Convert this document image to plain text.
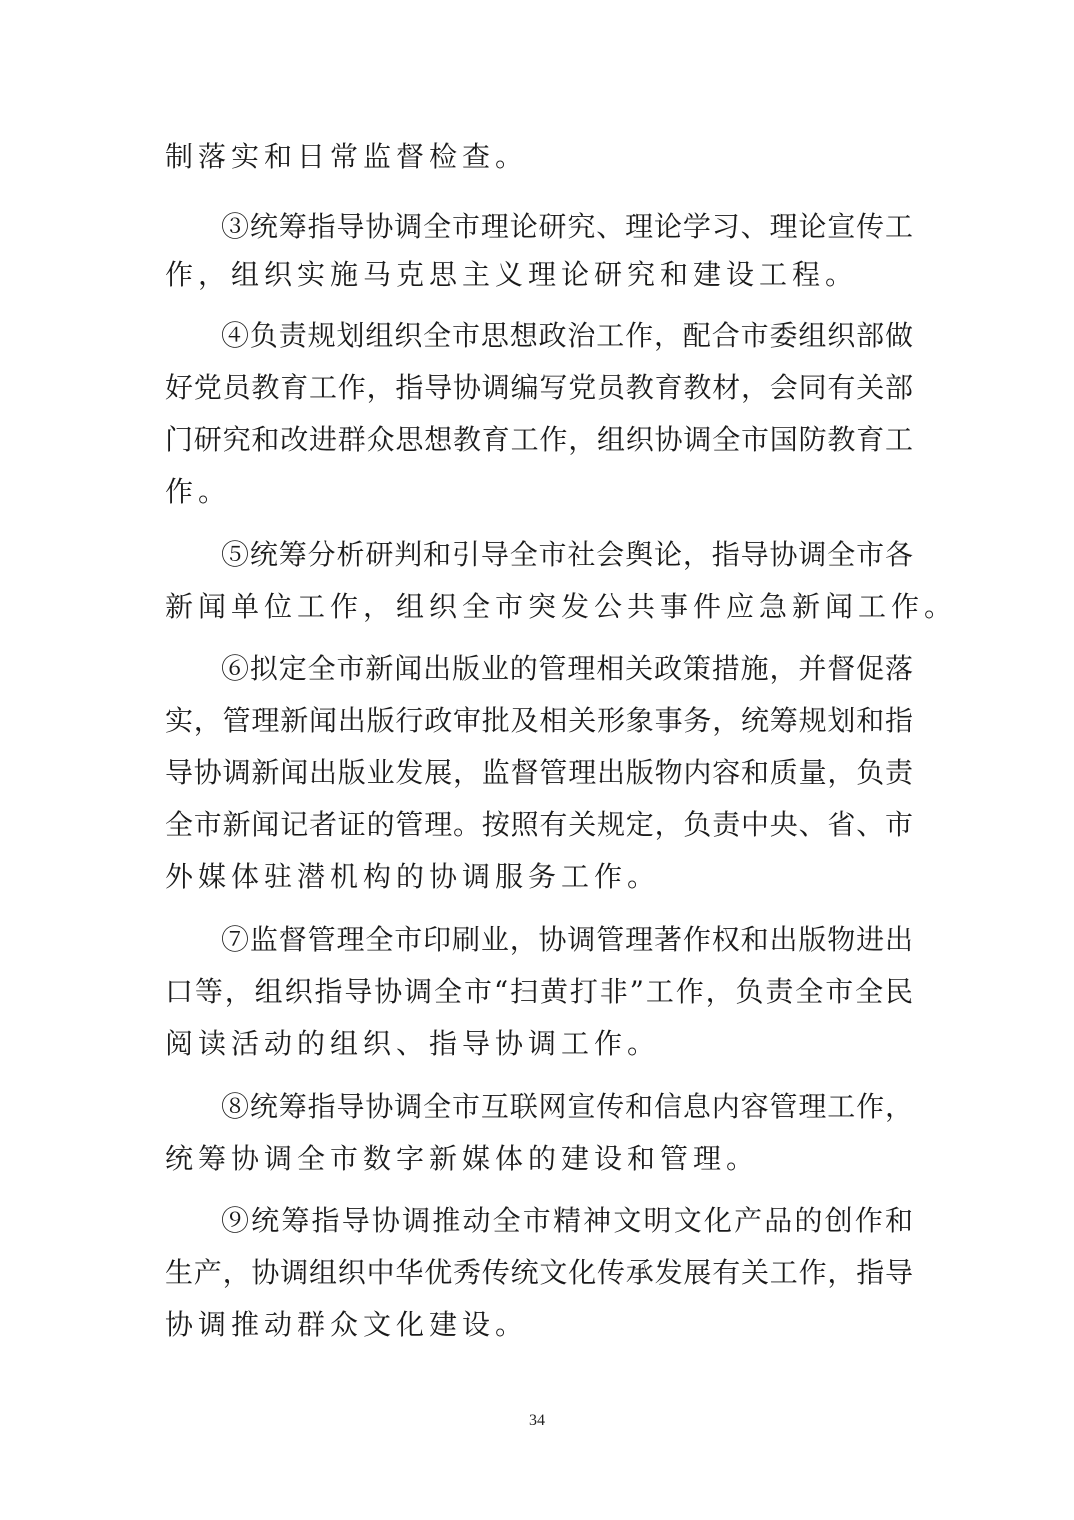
制落实和日常监督检查。
③统筹指导协调全市理论研究、理论学习、理论宣传工
作，组织实施马克思主义理论研究和建设工程。
④负责规划组织全市思想政治工作，配合市委组织部做
好党员教育工作，指导协调编写党员教育教材，会同有关部
门研究和改进群众思想教育工作，组织协调全市国防教育工
作。
⑤统筹分析研判和引导全市社会舆论，指导协调全市各
新闻单位工作，组织全市突发公共事件应急新闻工作。
⑥拟定全市新闻出版业的管理相关政策措施，并督促落
实，管理新闻出版行政审批及相关形象事务，统筹规划和指
导协调新闻出版业发展，监督管理出版物内容和质量，负责
全市新闻记者证的管理。按照有关规定，负责中央、省、市
外媒体驻潜机构的协调服务工作。
⑦监督管理全市印刷业，协调管理著作权和出版物进出
口等，组织指导协调全市“扫黄打非”工作，负责全市全民
阅读活动的组织、指导协调工作。
⑧统筹指导协调全市互联网宣传和信息内容管理工作，
统筹协调全市数字新媒体的建设和管理。
⑨统筹指导协调推动全市精神文明文化产品的创作和
生产，协调组织中华优秀传统文化传承发展有关工作，指导
协调推动群众文化建设。
34
